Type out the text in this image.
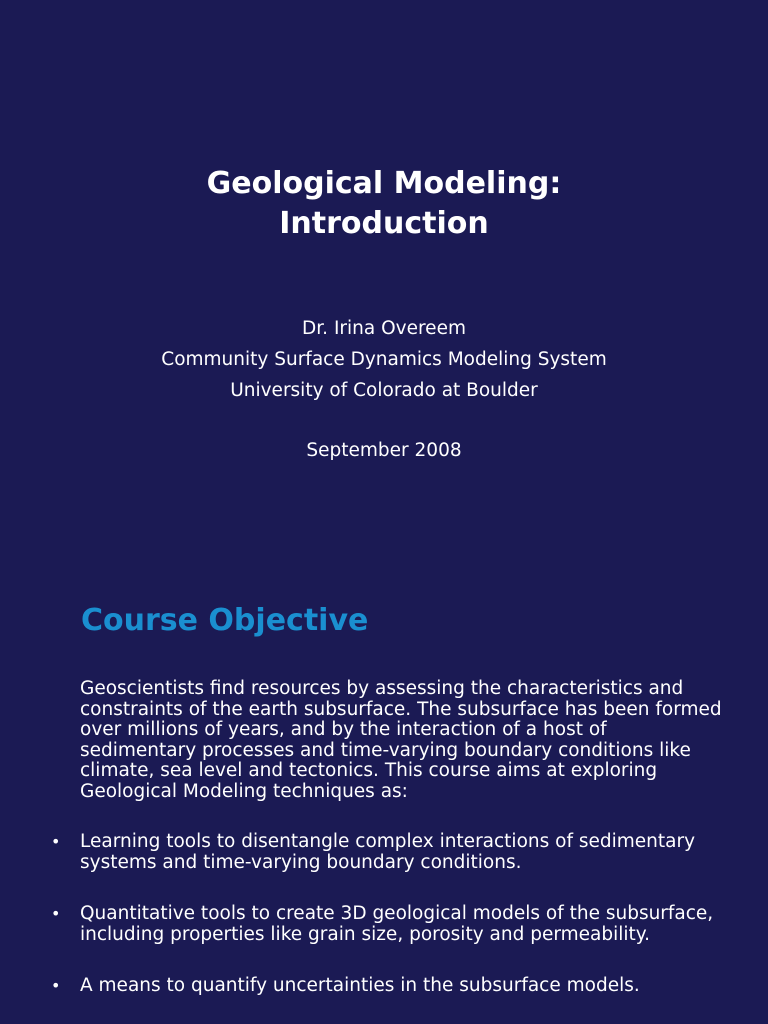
Geological Modeling:
Introduction
Dr. Irina Overeem
Community Surface Dynamics Modeling System
University of Colorado at Boulder
September 2008
Course Objective
Geoscientists find resources by assessing the characteristics and
constraints of the earth subsurface. The subsurface has been formed
over millions of years, and by the interaction of a host of
sedimentary processes and time-varying boundary conditions like
climate, sea level and tectonics. This course aims at exploring
Geological Modeling techniques as:
• Learning tools to disentangle complex interactions of sedimentary
systems and time-varying boundary conditions.
• Quantitative tools to create 3D geological models of the subsurface,
including properties like grain size, porosity and permeability.
• A means to quantify uncertainties in the subsurface models.
